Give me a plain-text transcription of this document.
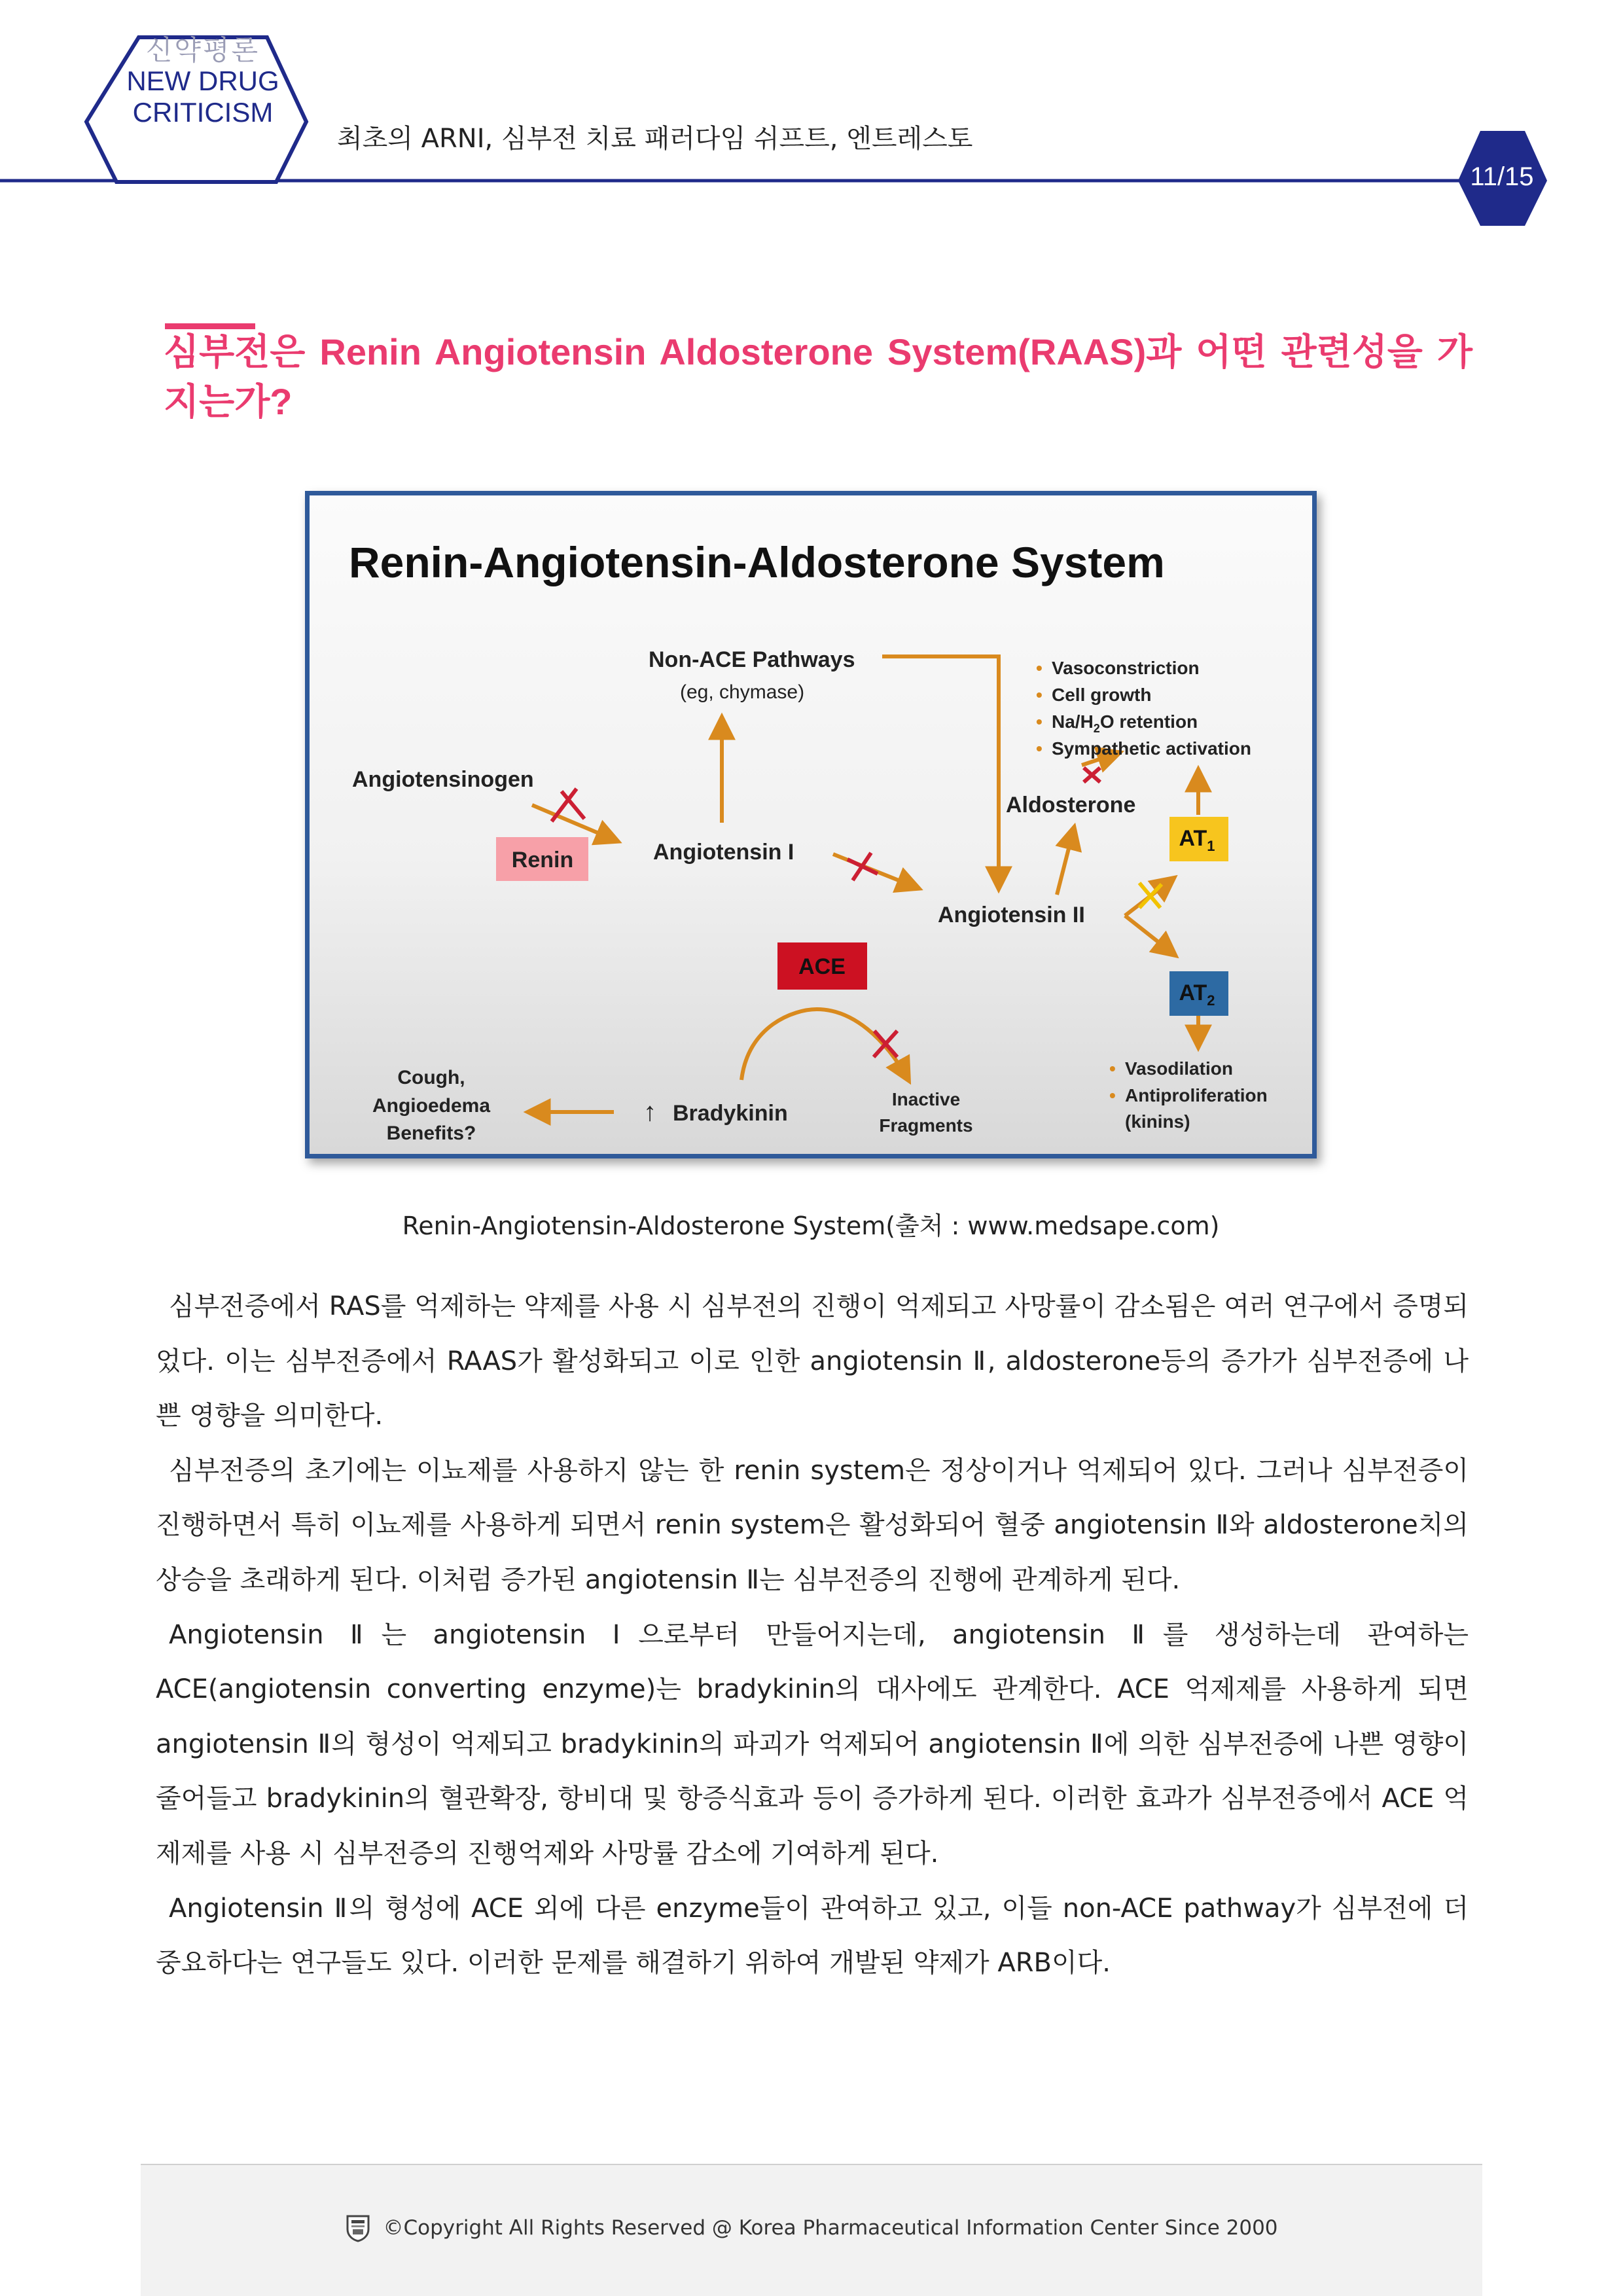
신약평론
NEW DRUG
CRITICISM
최초의 ARNI, 심부전 치료 패러다임 쉬프트, 엔트레스토
11/15
심부전은 Renin Angiotensin Aldosterone System(RAAS)과 어떤 관련성을 가지는가?
Renin-Angiotensin-Aldosterone System
Renin
ACE
$AT_1$
$AT_2$
Non-ACE Pathways
(eg, chymase)
Angiotensinogen
Angiotensin I
Angiotensin II
Aldosterone
↑ Bradykinin
Inactive
Fragments
Cough,
Angioedema
Benefits?
• Vasoconstriction
• Cell growth
• $Na/H_2O$ retention
• Sympathetic activation
• Vasodilation
• Antiproliferation
(kinins)
Renin-Angiotensin-Aldosterone System(출처 : www.medsape.com)

심부전증에서 RAS를 억제하는 약제를 사용 시 심부전의 진행이 억제되고 사망률이 감소됨은 여러 연구에서 증명되었다. 이는 심부전증에서 RAAS가 활성화되고 이로 인한 angiotensin Ⅱ, aldosterone등의 증가가 심부전증에 나쁜 영향을 의미한다.

심부전증의 초기에는 이뇨제를 사용하지 않는 한 renin system은 정상이거나 억제되어 있다. 그러나 심부전증이 진행하면서 특히 이뇨제를 사용하게 되면서 renin system은 활성화되어 혈중 angiotensin Ⅱ와 aldosterone치의 상승을 초래하게 된다. 이처럼 증가된 angiotensin Ⅱ는 심부전증의 진행에 관계하게 된다.

Angiotensin Ⅱ는 angiotensin Ⅰ으로부터 만들어지는데, angiotensin Ⅱ를 생성하는데 관여하는 ACE(angiotensin converting enzyme)는 bradykinin의 대사에도 관계한다. ACE 억제제를 사용하게 되면 angiotensin Ⅱ의 형성이 억제되고 bradykinin의 파괴가 억제되어 angiotensin Ⅱ에 의한 심부전증에 나쁜 영향이 줄어들고 bradykinin의 혈관확장, 항비대 및 항증식효과 등이 증가하게 된다. 이러한 효과가 심부전증에서 ACE 억제제를 사용 시 심부전증의 진행억제와 사망률 감소에 기여하게 된다.

Angiotensin Ⅱ의 형성에 ACE 외에 다른 enzyme들이 관여하고 있고, 이들 non-ACE pathway가 심부전에 더 중요하다는 연구들도 있다. 이러한 문제를 해결하기 위하여 개발된 약제가 ARB이다.

©Copyright All Rights Reserved @ Korea Pharmaceutical Information Center Since 2000
